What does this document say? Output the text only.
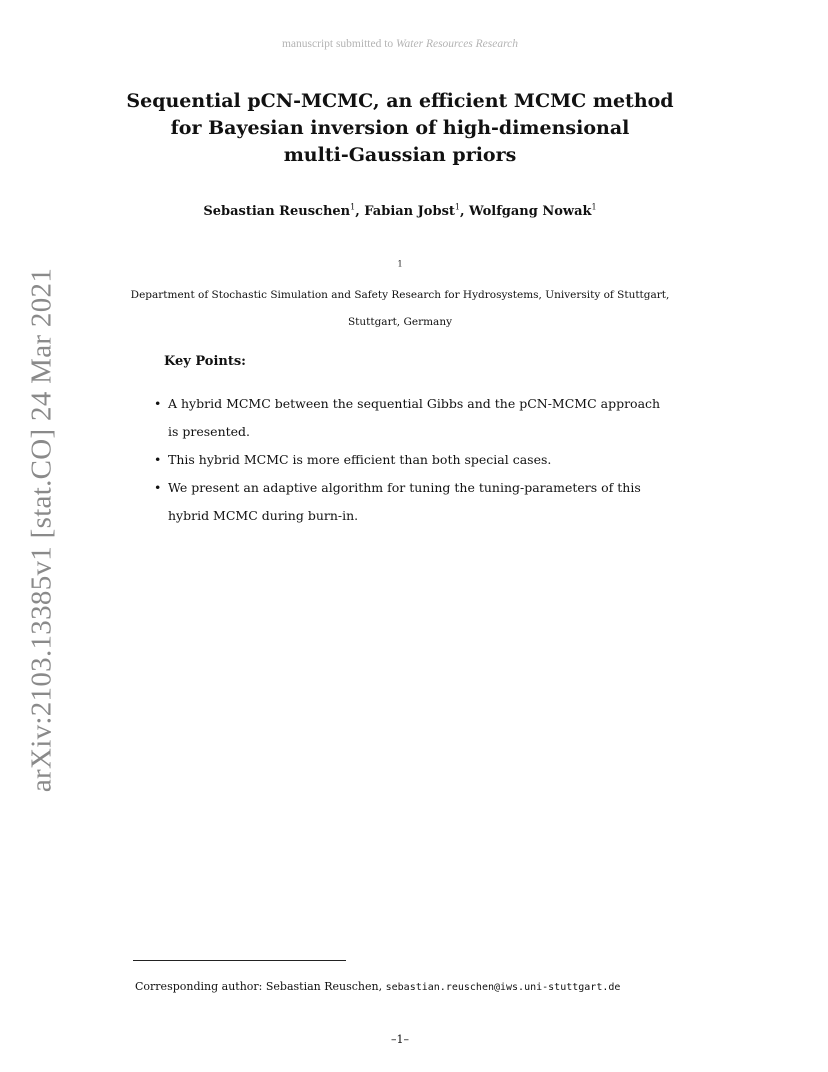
manuscript submitted to Water Resources Research
Sequential pCN-MCMC, an efficient MCMC method
for Bayesian inversion of high-dimensional
multi-Gaussian priors
Sebastian Reuschen$^1$, Fabian Jobst$^1$, Wolfgang Nowak$^1$
$^1$
Department of Stochastic Simulation and Safety Research for Hydrosystems, University of Stuttgart,
Stuttgart, Germany
Key Points:
• A hybrid MCMC between the sequential Gibbs and the pCN-MCMC approach is presented.
• This hybrid MCMC is more efficient than both special cases.
• We present an adaptive algorithm for tuning the tuning-parameters of this hybrid MCMC during burn-in.
arXiv:2103.13385v1 [stat.CO] 24 Mar 2021
Corresponding author: Sebastian Reuschen, sebastian.reuschen@iws.uni-stuttgart.de
–1–
